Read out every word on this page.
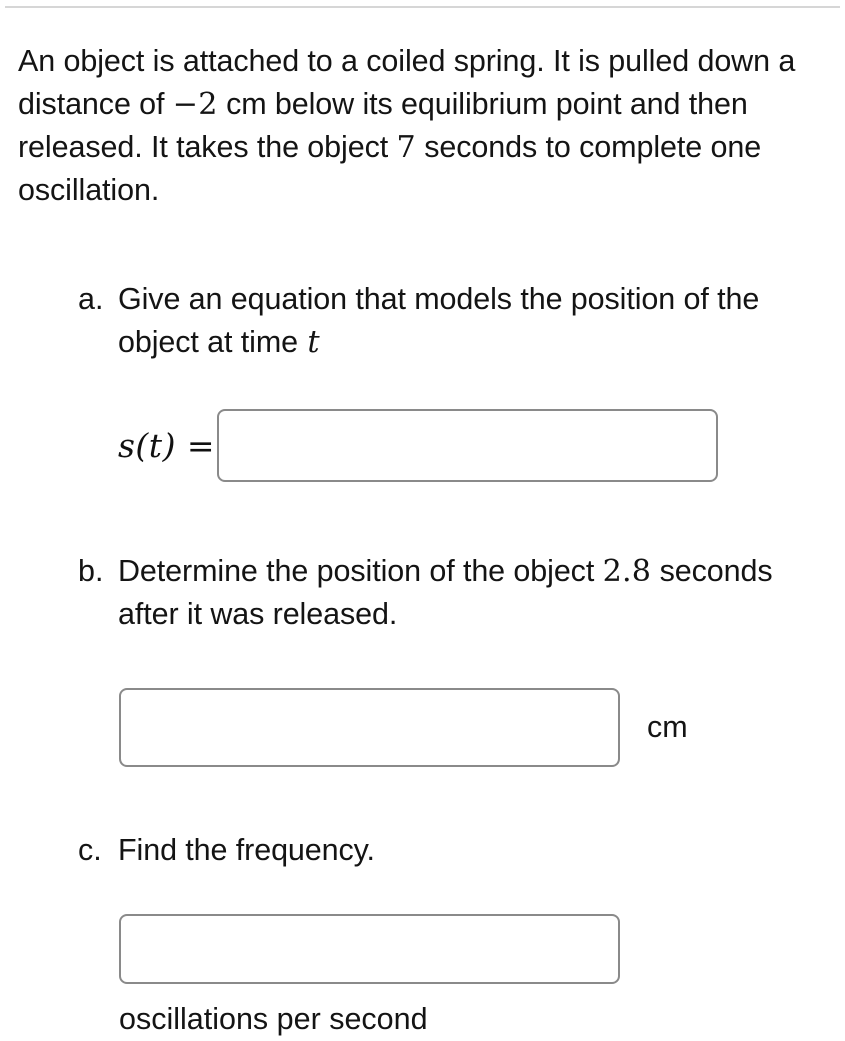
An object is attached to a coiled spring. It is pulled down a distance of −2 cm below its equilibrium point and then released. It takes the object 7 seconds to complete one oscillation.

a. Give an equation that models the position of the object at time t
s(t) =
b. Determine the position of the object 2.8 seconds after it was released.
cm
c. Find the frequency.
oscillations per second
